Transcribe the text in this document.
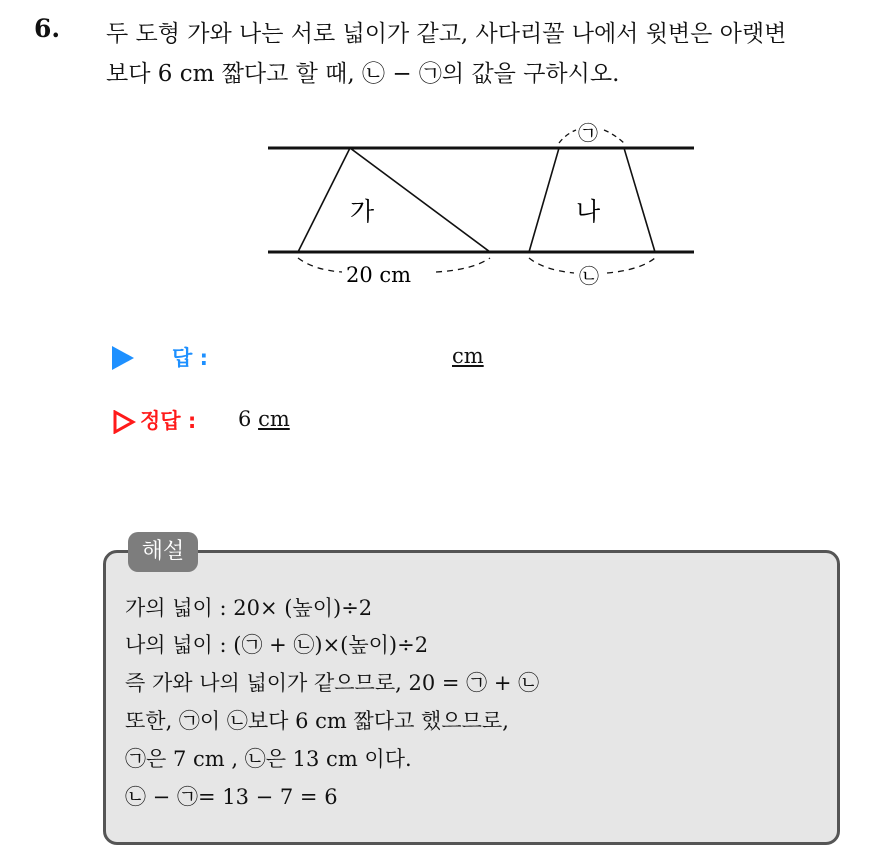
6. 두 도형 가와 나는 서로 넓이가 같고, 사다리꼴 나에서 윗변은 아랫변
보다 6 cm 짧다고 할 때, ㉡ − ㉠의 값을 구하시오.
가	나
20 cm
㉠
㉡
답 :	cm
정답 : 6 cm
해설
가의 넓이 : 20× (높이)÷2
나의 넓이 : (㉠ + ㉡)×(높이)÷2
즉 가와 나의 넓이가 같으므로, 20 = ㉠ + ㉡
또한, ㉠이 ㉡보다 6 cm 짧다고 했으므로,
㉠은 7 cm , ㉡은 13 cm 이다.
㉡ − ㉠= 13 − 7 = 6
